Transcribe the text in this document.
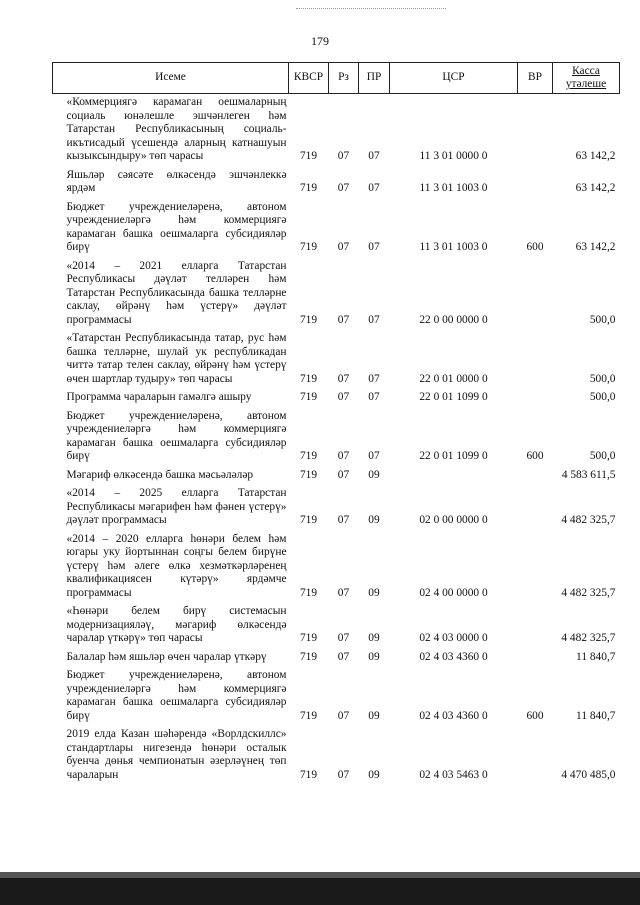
179
Исеме	КВСР	Рз	ПР	ЦСР	ВР	Касса утәлеше
«Коммерциягә карамаган оешмаларның социаль юнәлешле эшчәнлеген һәм Татарстан Республикасының социаль-икътисадый үсешендә аларның катнашуын кызыксындыру» төп чарасы	719	07	07	11 3 01 0000 0		63 142,2
Яшьләр сәясәте өлкәсендә эшчәнлеккә ярдәм	719	07	07	11 3 01 1003 0		63 142,2
Бюджет учреждениеләренә, автоном учреждениеләргә һәм коммерциягә карамаган башка оешмаларга субсидияләр бирү	719	07	07	11 3 01 1003 0	600	63 142,2
«2014 – 2021 елларга Татарстан Республикасы дәүләт телләрен һәм Татарстан Республикасында башка телләрне саклау, өйрәнү һәм үстерү» дәүләт программасы	719	07	07	22 0 00 0000 0		500,0
«Татарстан Республикасында татар, рус һәм башка телләрне, шулай ук республикадан читтә татар телен саклау, өйрәнү һәм үстерү өчен шартлар тудыру» төп чарасы	719	07	07	22 0 01 0000 0		500,0
Программа чараларын гамәлгә ашыру	719	07	07	22 0 01 1099 0		500,0
Бюджет учреждениеләренә, автоном учреждениеләргә һәм коммерциягә карамаган башка оешмаларга субсидияләр бирү	719	07	07	22 0 01 1099 0	600	500,0
Мәгариф өлкәсендә башка мәсьәләләр	719	07	09			4 583 611,5
«2014 – 2025 елларга Татарстан Республикасы мәгарифен һәм фәнен үстерү» дәүләт программасы	719	07	09	02 0 00 0000 0		4 482 325,7
«2014 – 2020 елларга һөнәри белем һәм югары уку йортыннан соңгы белем бирүне үстерү һәм әлеге өлкә хезмәткәрләренең квалификациясен күтәрү» ярдәмче программасы	719	07	09	02 4 00 0000 0		4 482 325,7
«Һөнәри белем бирү системасын модернизацияләү, мәгариф өлкәсендә чаралар үткәрү» төп чарасы	719	07	09	02 4 03 0000 0		4 482 325,7
Балалар һәм яшьләр өчен чаралар үткәрү	719	07	09	02 4 03 4360 0		11 840,7
Бюджет учреждениеләренә, автоном учреждениеләргә һәм коммерциягә карамаган башка оешмаларга субсидияләр бирү	719	07	09	02 4 03 4360 0	600	11 840,7
2019 елда Казан шәһәрендә «Ворлдскиллс» стандартлары нигезендә һөнәри осталык буенча дөнья чемпионатын әзерләүнең төп чараларын	719	07	09	02 4 03 5463 0		4 470 485,0
